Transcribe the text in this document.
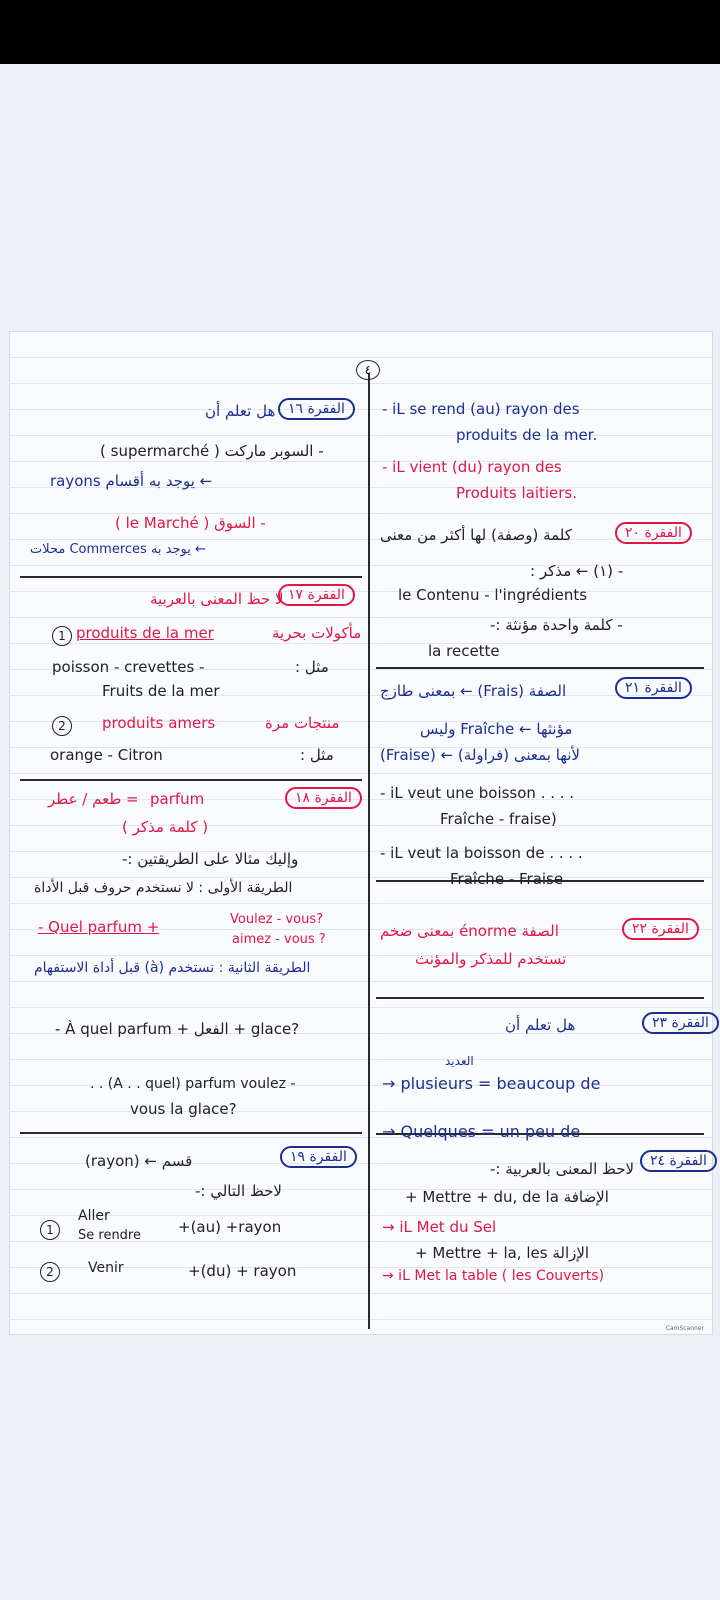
٤
هل تعلم أن الفقرة ١٦
- السوبر ماركت ( supermarché )
← يوجد به أقسام rayons
- السوق ( le Marché )
← يوجد به Commerces محلات
الفقرة ١٧
لا حظ المعنى بالعربية
1 produits de la mer	مأكولات بحرية
poisson - crevettes -	مثل :
Fruits de la mer
2	produits amers	منتجات مرة
orange - Citron	مثل :
= طعم / عطر parfum	الفقرة ١٨
( كلمة مذكر )
وإليك مثالا على الطريقتين :-
الطريقة الأولى : لا نستخدم حروف قبل الأداة
- Quel parfum +	Voulez - vous?
aimez - vous ?
الطريقة الثانية : نستخدم (à) قبل أداة الاستفهام
- À quel parfum + الفعل + glace?
. . (A . . quel) parfum voulez -
vous la glace?
قسم ← (rayon)	الفقرة ١٩
لاحظ التالي :-
1
Aller
Se rendre +(au) +rayon
2	Venir	+(du) + rayon
- iL se rend (au) rayon des
produits de la mer.
- iL vient (du) rayon des
Produits laitiers.
الفقرة ٢٠
كلمة (وصفة) لها أكثر من معنى
- (١) ← مذكر :
le Contenu - l'ingrédients
- كلمة واحدة مؤنثة :-
la recette
الفقرة ٢١
الصفة (Frais) ← بمعنى طازج
مؤنثها ← Fraîche وليس
(Fraise) ← لأنها بمعنى (فراولة)
- iL veut une boisson . . . .
Fraîche - fraise)
- iL veut la boisson de . . . .
Fraîche - Fraise
الفقرة ٢٢
الصفة énorme بمعنى ضخم
تستخدم للمذكر والمؤنث
الفقرة ٢٣
هل تعلم أن
العديد
→ plusieurs = beaucoup de
→ Quelques = un peu de
الفقرة ٢٤
لاحظ المعنى بالعربية :-
الإضافة Mettre + du, de la +
→ iL Met du Sel
الإزالة Mettre + la, les +
→ iL Met la table ( les Couverts)
CamScanner
